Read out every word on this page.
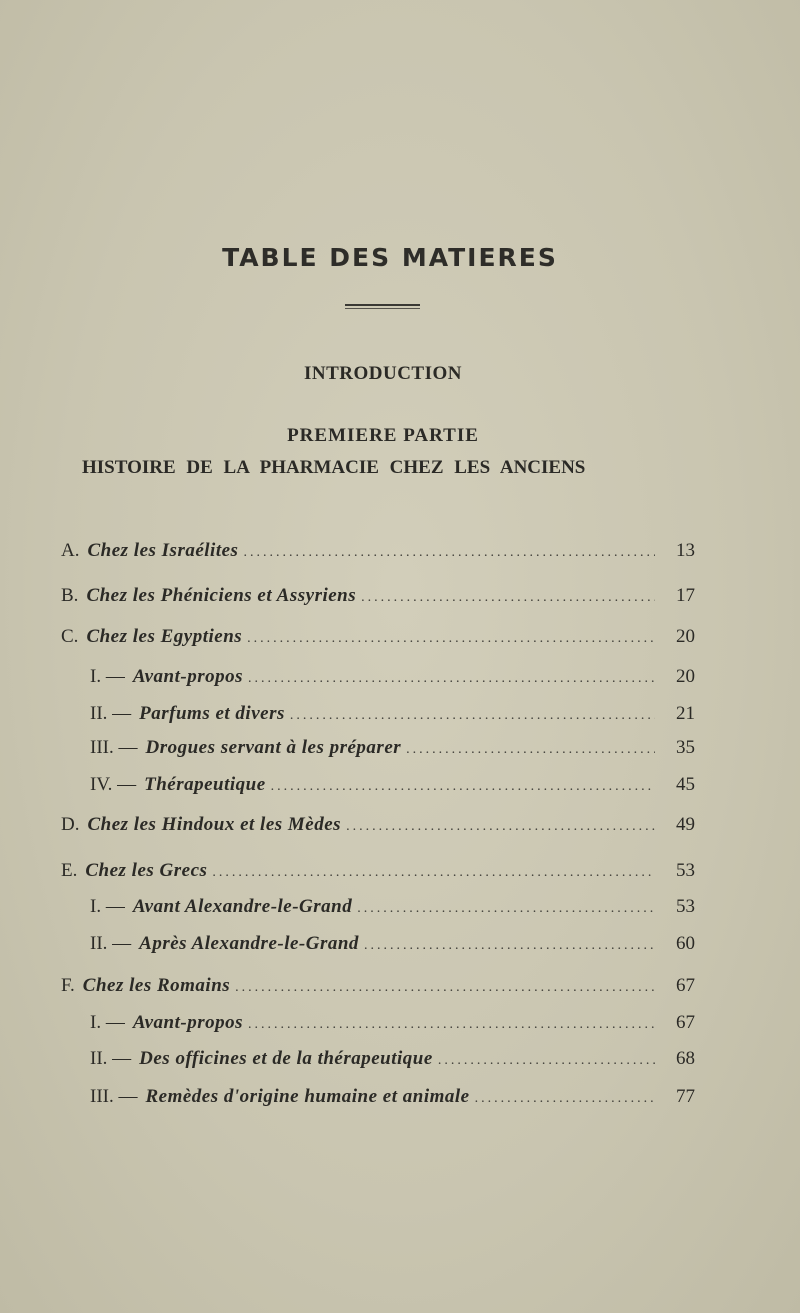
TABLE DES MATIERES
INTRODUCTION
PREMIERE PARTIE
HISTOIRE DE LA PHARMACIE CHEZ LES ANCIENS
A. Chez les Israélites .....	13
B. Chez les Phéniciens et Assyriens .....	17
C. Chez les Egyptiens .....	20
I. — Avant-propos .....	20
II. — Parfums et divers .....	21
III. — Drogues servant à les préparer .....	35
IV. — Thérapeutique .....	45
D. Chez les Hindoux et les Mèdes .....	49
E. Chez les Grecs .....	53
I. — Avant Alexandre-le-Grand .....	53
II. — Après Alexandre-le-Grand .....	60
F. Chez les Romains .....	67
I. — Avant-propos .....	67
II. — Des officines et de la thérapeutique .....	68
III. — Remèdes d'origine humaine et animale .....	77
